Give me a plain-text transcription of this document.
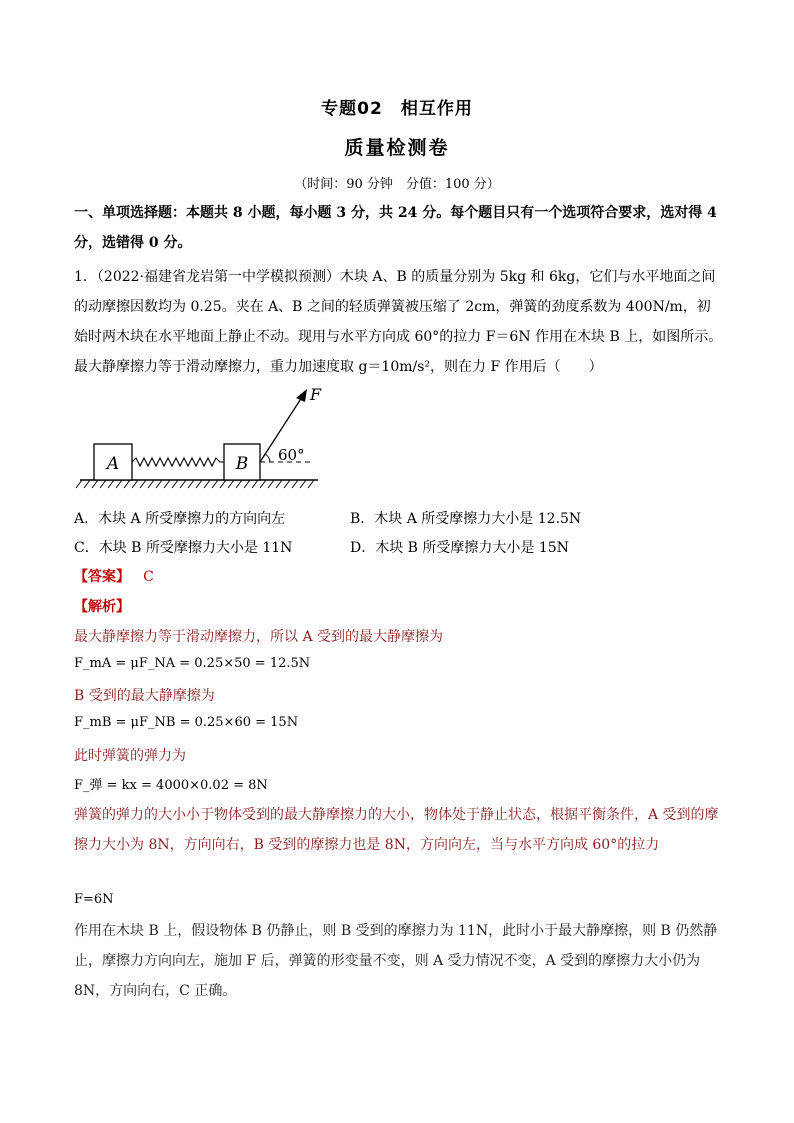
专题02　相互作用
质量检测卷
（时间：90 分钟　分值：100 分）
一、单项选择题：本题共 8 小题，每小题 3 分，共 24 分。每个题目只有一个选项符合要求，选对得 4 分，选错得 0 分。
1．（2022·福建省龙岩第一中学模拟预测）木块 A、B 的质量分别为 5kg 和 6kg，它们与水平地面之间的动摩擦因数均为 0.25。夹在 A、B 之间的轻质弹簧被压缩了 2cm，弹簧的劲度系数为 400N/m，初始时两木块在水平地面上静止不动。现用与水平方向成 60°的拉力 F＝6N 作用在木块 B 上，如图所示。最大静摩擦力等于滑动摩擦力，重力加速度取 g＝10m/s²，则在力 F 作用后（　　）
A	B
F
60°
A．木块 A 所受摩擦力的方向向左	B．木块 A 所受摩擦力大小是 12.5N
C．木块 B 所受摩擦力大小是 11N	D．木块 B 所受摩擦力大小是 15N
【答案】 C
【解析】
最大静摩擦力等于滑动摩擦力，所以 A 受到的最大静摩擦为
F_mA = μF_NA = 0.25×50 = 12.5N
B 受到的最大静摩擦为
F_mB = μF_NB = 0.25×60 = 15N
此时弹簧的弹力为
F_弹 = kx = 4000×0.02 = 8N
弹簧的弹力的大小小于物体受到的最大静摩擦力的大小，物体处于静止状态，根据平衡条件，A 受到的摩擦力大小为 8N，方向向右，B 受到的摩擦力也是 8N，方向向左，当与水平方向成 60°的拉力
F=6N
作用在木块 B 上，假设物体 B 仍静止，则 B 受到的摩擦力为 11N，此时小于最大静摩擦，则 B 仍然静止，摩擦力方向向左，施加 F 后，弹簧的形变量不变，则 A 受力情况不变，A 受到的摩擦力大小仍为 8N，方向向右，C 正确。
